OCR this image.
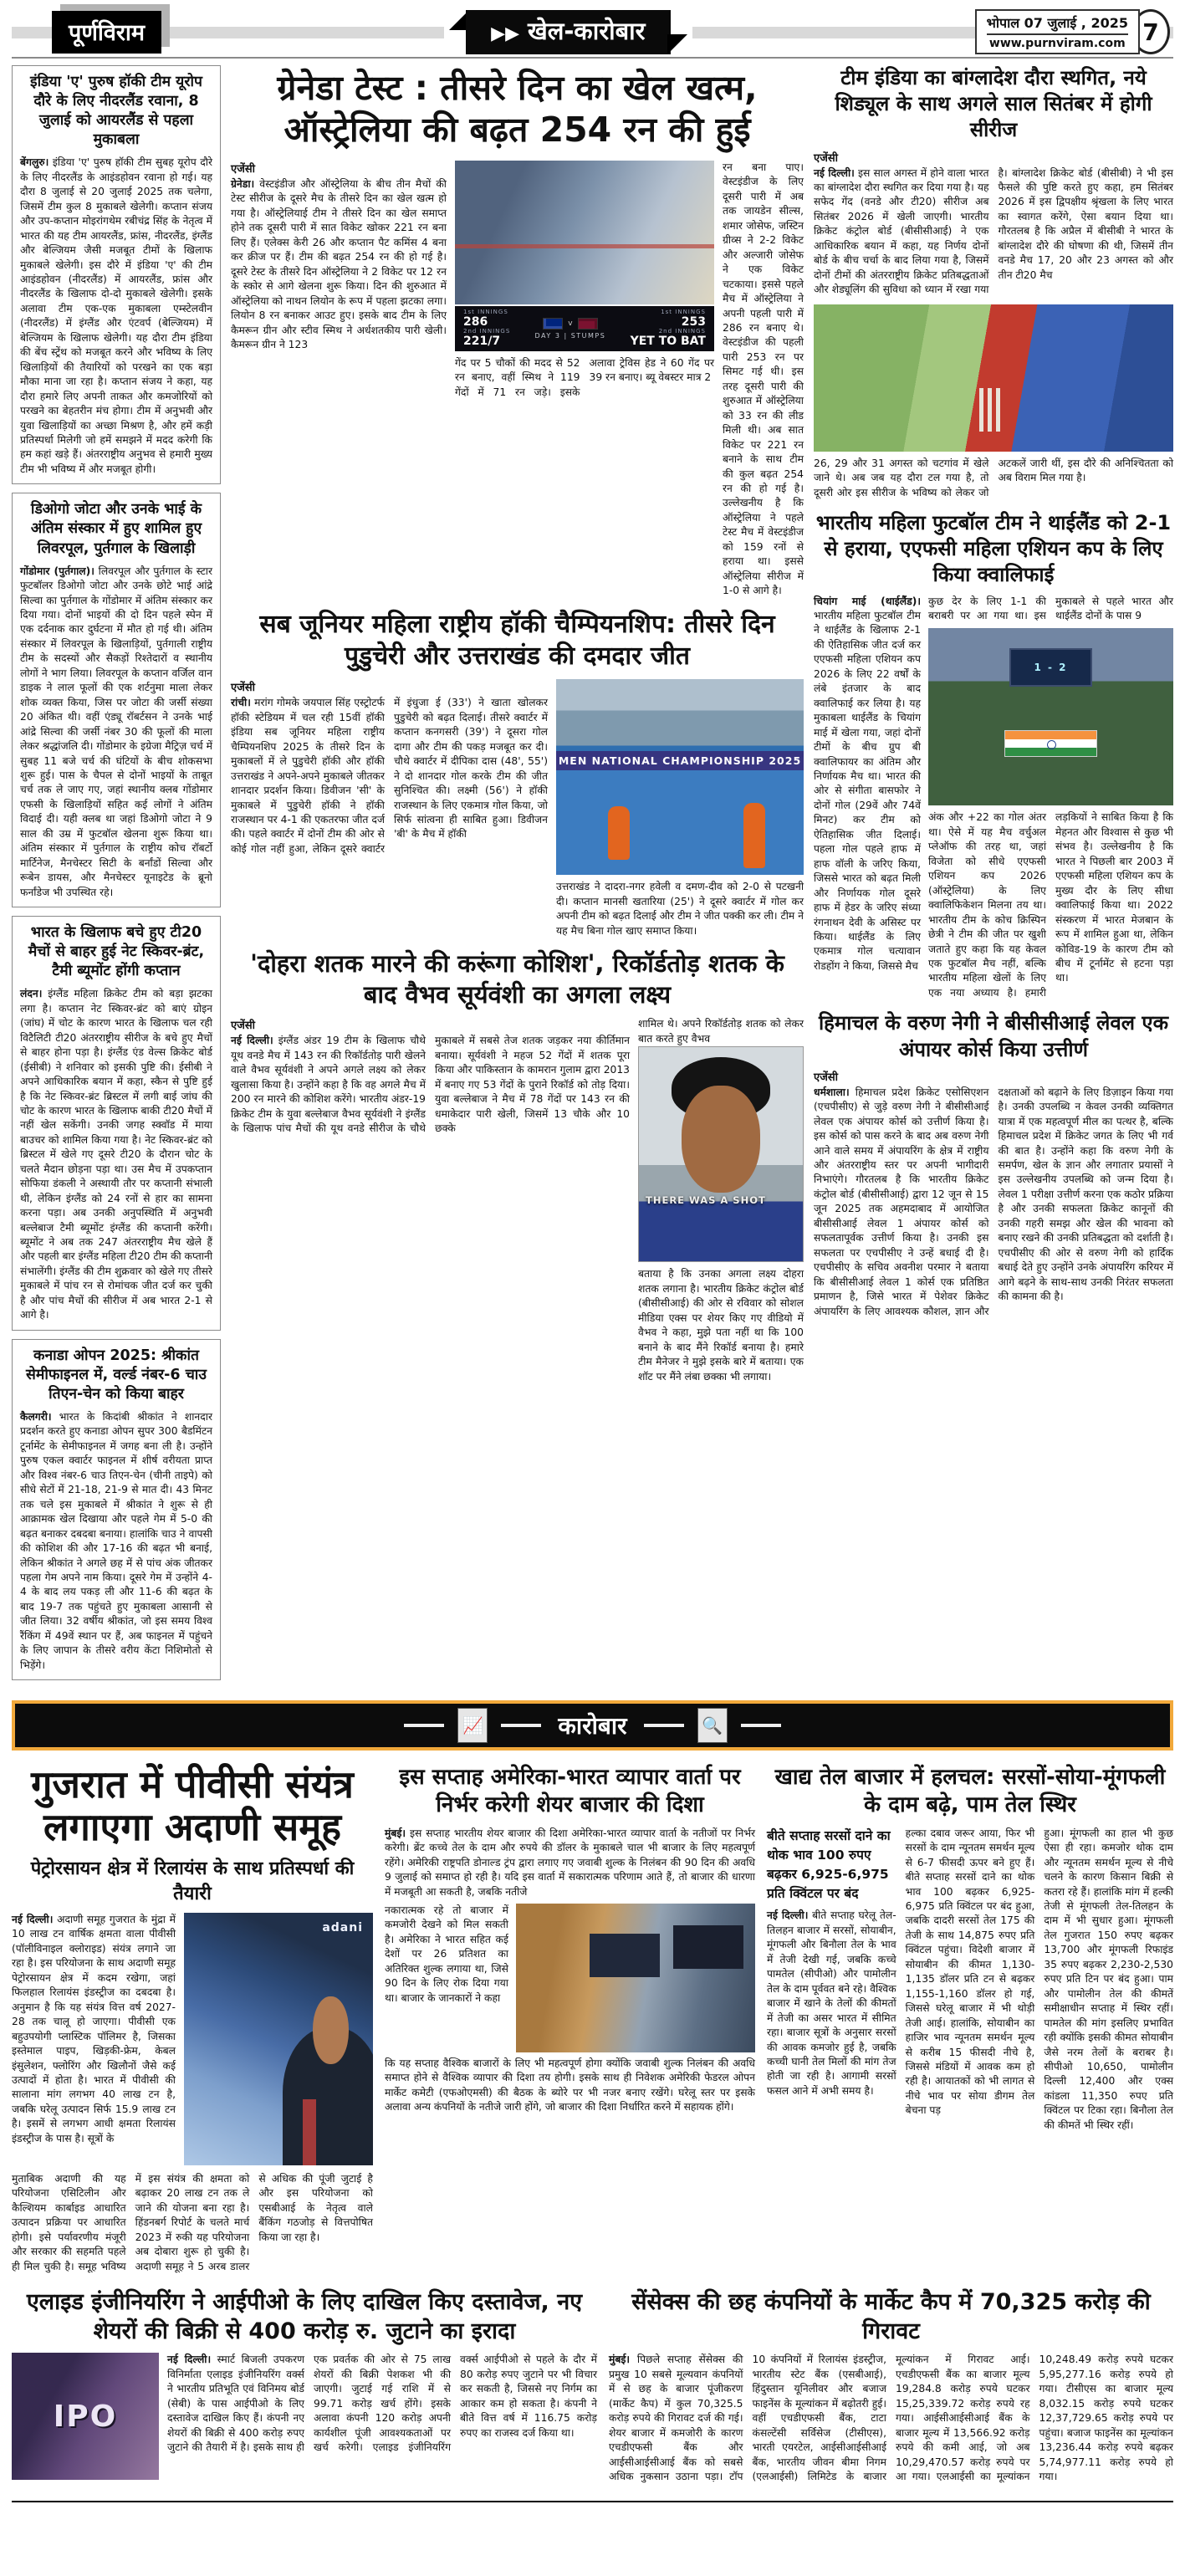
पूर्णविराम	▶▶ खेल-कारोबार	भोपाल 07 जुलाई , 2025
www.purnviram.com 7
इंडिया 'ए' पुरुष हॉकी टीम यूरोप दौरे के लिए नीदरलैंड रवाना, 8 जुलाई को आयरलैंड से पहला मुकाबला

बेंगलुरु। इंडिया 'ए' पुरुष हॉकी टीम सुबह यूरोप दौरे के लिए नीदरलैंड के आइंडहोवन रवाना हो गई। यह दौरा 8 जुलाई से 20 जुलाई 2025 तक चलेगा, जिसमें टीम कुल 8 मुकाबले खेलेगी। कप्तान संजय और उप-कप्तान मोइरांगथेम रबीचंद्र सिंह के नेतृत्व में भारत की यह टीम आयरलैंड, फ्रांस, नीदरलैंड, इंग्लैंड और बेल्जियम जैसी मजबूत टीमों के खिलाफ मुकाबले खेलेगी। इस दौरे में इंडिया 'ए' की टीम आइंडहोवन (नीदरलैंड) में आयरलैंड, फ्रांस और नीदरलैंड के खिलाफ दो-दो मुकाबले खेलेगी। इसके अलावा टीम एक-एक मुकाबला एम्स्टेलवीन (नीदरलैंड) में इंग्लैंड और एंटवर्प (बेल्जियम) में बेल्जियम के खिलाफ खेलेगी। यह दौरा टीम इंडिया की बेंच स्ट्रेंथ को मजबूत करने और भविष्य के लिए खिलाड़ियों की तैयारियों को परखने का एक बड़ा मौका माना जा रहा है। कप्तान संजय ने कहा, यह दौरा हमारे लिए अपनी ताकत और कमजोरियों को परखने का बेहतरीन मंच होगा। टीम में अनुभवी और युवा खिलाड़ियों का अच्छा मिश्रण है, और हमें कड़ी प्रतिस्पर्धा मिलेगी जो हमें समझने में मदद करेगी कि हम कहां खड़े हैं। अंतरराष्ट्रीय अनुभव से हमारी मुख्य टीम भी भविष्य में और मजबूत होगी।

डिओगो जोटा और उनके भाई के अंतिम संस्कार में हुए शामिल हुए लिवरपूल, पुर्तगाल के खिलाड़ी

गोंडोमार (पुर्तगाल)। लिवरपूल और पुर्तगाल के स्टार फुटबॉलर डिओगो जोटा और उनके छोटे भाई आंद्रे सिल्वा का पुर्तगाल के गोंडोमार में अंतिम संस्कार कर दिया गया। दोनों भाइयों की दो दिन पहले स्पेन में एक दर्दनाक कार दुर्घटना में मौत हो गई थी। अंतिम संस्कार में लिवरपूल के खिलाड़ियों, पुर्तगाली राष्ट्रीय टीम के सदस्यों और सैकड़ों रिश्तेदारों व स्थानीय लोगों ने भाग लिया। लिवरपूल के कप्तान वर्जिल वान डाइक ने लाल फूलों की एक शर्टनुमा माला लेकर शोक व्यक्त किया, जिस पर जोटा की जर्सी संख्या 20 अंकित थी। वहीं एंड्यू रॉबर्टसन ने उनके भाई आंद्रे सिल्वा की जर्सी नंबर 30 की फूलों की माला लेकर श्रद्धांजलि दी। गोंडोमार के इग्रेजा मैट्रिज़ चर्च में सुबह 11 बजे चर्च की घंटियों के बीच शोकसभा शुरू हुई। पास के चैपल से दोनों भाइयों के ताबूत चर्च तक ले जाए गए, जहां स्थानीय क्लब गोंडोमार एफसी के खिलाड़ियों सहित कई लोगों ने अंतिम विदाई दी। यही क्लब था जहां डिओगो जोटा ने 9 साल की उम्र में फुटबॉल खेलना शुरू किया था। अंतिम संस्कार में पुर्तगाल के राष्ट्रीय कोच रॉबर्टो मार्टिनेज, मैनचेस्टर सिटी के बर्नांडों सिल्वा और रूबेन डायस, और मैनचेस्टर यूनाइटेड के ब्रूनो फर्नांडेज भी उपस्थित रहे।

भारत के खिलाफ बचे हुए टी20 मैचों से बाहर हुई नेट स्किवर-ब्रंट, टैमी ब्यूमोंट होंगी कप्तान

लंदन। इंग्लैंड महिला क्रिकेट टीम को बड़ा झटका लगा है। कप्तान नेट स्किवर-ब्रंट को बाएं ग्रोइन (जांघ) में चोट के कारण भारत के खिलाफ चल रही विटैलिटी टी20 अंतरराष्ट्रीय सीरीज के बचे हुए मैचों से बाहर होना पड़ा है। इंग्लैंड एंड वेल्स क्रिकेट बोर्ड (ईसीबी) ने शनिवार को इसकी पुष्टि की। ईसीबी ने अपने आधिकारिक बयान में कहा, स्कैन से पुष्टि हुई है कि नेट स्किवर-ब्रंट ब्रिस्टल में लगी बाई जांघ की चोट के कारण भारत के खिलाफ बाकी टी20 मैचों में नहीं खेल सकेंगी। उनकी जगह स्क्वॉड में माया बाउचर को शामिल किया गया है। नेट स्किवर-ब्रंट को ब्रिस्टल में खेले गए दूसरे टी20 के दौरान चोट के चलते मैदान छोड़ना पड़ा था। उस मैच में उपकप्तान सोफिया डंकली ने अस्थायी तौर पर कप्तानी संभाली थी, लेकिन इंग्लैंड को 24 रनों से हार का सामना करना पड़ा। अब उनकी अनुपस्थिति में अनुभवी बल्लेबाज टैमी ब्यूमोंट इंग्लैंड की कप्तानी करेंगी। ब्यूमोंट ने अब तक 247 अंतरराष्ट्रीय मैच खेले हैं और पहली बार इंग्लैंड महिला टी20 टीम की कप्तानी संभालेंगी। इंग्लैंड की टीम शुक्रवार को खेले गए तीसरे मुकाबले में पांच रन से रोमांचक जीत दर्ज कर चुकी है और पांच मैचों की सीरीज में अब भारत 2-1 से आगे है।

कनाडा ओपन 2025: श्रीकांत सेमीफाइनल में, वर्ल्ड नंबर-6 चाउ तिएन-चेन को किया बाहर

कैलगरी। भारत के किदांबी श्रीकांत ने शानदार प्रदर्शन करते हुए कनाडा ओपन सुपर 300 बैडमिंटन टूर्नामेंट के सेमीफाइनल में जगह बना ली है। उन्होंने पुरुष एकल क्वार्टर फाइनल में शीर्ष वरीयता प्राप्त और विश्व नंबर-6 चाउ तिएन-चेन (चीनी ताइपे) को सीधे सेटों में 21-18, 21-9 से मात दी। 43 मिनट तक चले इस मुकाबले में श्रीकांत ने शुरू से ही आक्रामक खेल दिखाया और पहले गेम में 5-0 की बढ़त बनाकर दबदबा बनाया। हालांकि चाउ ने वापसी की कोशिश की और 17-16 की बढ़त भी बनाई, लेकिन श्रीकांत ने अगले छह में से पांच अंक जीतकर पहला गेम अपने नाम किया। दूसरे गेम में उन्होंने 4-4 के बाद लय पकड़ ली और 11-6 की बढ़त के बाद 19-7 तक पहुंचते हुए मुकाबला आसानी से जीत लिया। 32 वर्षीय श्रीकांत, जो इस समय विश्व रैंकिंग में 49वें स्थान पर हैं, अब फाइनल में पहुंचने के लिए जापान के तीसरे वरीय केंटा निशिमोतो से भिड़ेंगे।

ग्रेनेडा टेस्ट : तीसरे दिन का खेल खत्म, ऑस्ट्रेलिया की बढ़त 254 रन की हुई
एजेंसी

ग्रेनेडा। वेस्टइंडीज और ऑस्ट्रेलिया के बीच तीन मैचों की टेस्ट सीरीज के दूसरे मैच के तीसरे दिन का खेल खत्म हो गया है। ऑस्ट्रेलियाई टीम ने तीसरे दिन का खेल समाप्त होने तक दूसरी पारी में सात विकेट खोकर 221 रन बना लिए हैं। एलेक्स केरी 26 और कप्तान पैट कमिंस 4 बना कर क्रीज पर हैं। टीम की बढ़त 254 रन की हो गई है। दूसरे टेस्ट के तीसरे दिन ऑस्ट्रेलिया ने 2 विकेट पर 12 रन के स्कोर से आगे खेलना शुरू किया। दिन की शुरुआत में ऑस्ट्रेलिया को नाथन लियोन के रूप में पहला झटका लगा। लियोन 8 रन बनाकर आउट हुए। इसके बाद टीम के लिए कैमरून ग्रीन और स्टीव स्मिथ ने अर्धशतकीय पारी खेली। कैमरून ग्रीन ने 123

1st INNINGS
286
2nd INNINGS
221/7
v
DAY 3 | STUMPS
1st INNINGS
253
2nd INNINGS
YET TO BAT

गेंद पर 5 चौकों की मदद से 52 रन बनाए, वहीं स्मिथ ने 119 गेंदों में 71 रन जड़े। इसके अलावा ट्रेविस हेड ने 60 गेंद पर 39 रन बनाए। ब्यू वेबस्टर मात्र 2

रन बना पाए। वेस्टइंडीज के लिए दूसरी पारी में अब तक जायडेन सील्स, शमार जोसेफ, जस्टिन ग्रीव्स ने 2-2 विकेट और अल्जारी जोसेफ ने एक विकेट चटकाया। इससे पहले मैच में ऑस्ट्रेलिया ने अपनी पहली पारी में 286 रन बनाए थे। वेस्टइंडीज की पहली पारी 253 रन पर सिमट गई थी। इस तरह दूसरी पारी की शुरुआत में ऑस्ट्रेलिया को 33 रन की लीड मिली थी। अब सात विकेट पर 221 रन बनाने के साथ टीम की कुल बढ़त 254 रन की हो गई है। उल्लेखनीय है कि ऑस्ट्रेलिया ने पहले टेस्ट मैच में वेस्टइंडीज को 159 रनों से हराया था। इससे ऑस्ट्रेलिया सीरीज में 1-0 से आगे है।

सब जूनियर महिला राष्ट्रीय हॉकी चैम्पियनशिप: तीसरे दिन पुडुचेरी और उत्तराखंड की दमदार जीत
एजेंसी

रांची। मरांग गोमके जयपाल सिंह एस्ट्रोटर्फ हॉकी स्टेडियम में चल रही 15वीं हॉकी इंडिया सब जूनियर महिला राष्ट्रीय चैम्पियनशिप 2025 के तीसरे दिन के मुकाबलों में ले पुडुचेरी हॉकी और हॉकी उत्तराखंड ने अपने-अपने मुकाबले जीतकर शानदार प्रदर्शन किया। डिवीजन 'सी' के मुकाबले में पुडुचेरी हॉकी ने हॉकी राजस्थान पर 4-1 की एकतरफा जीत दर्ज की। पहले क्वार्टर में दोनों टीम की ओर से कोई गोल नहीं हुआ, लेकिन दूसरे क्वार्टर में इंधुजा ई (33') ने खाता खोलकर पुडुचेरी को बढ़त दिलाई। तीसरे क्वार्टर में कप्तान कनगसरी (39') ने दूसरा गोल दागा और टीम की पकड़ मजबूत कर दी। चौथे क्वार्टर में दीपिका दास (48', 55') ने दो शानदार गोल करके टीम की जीत सुनिश्चित की। लक्ष्मी (56') ने हॉकी राजस्थान के लिए एकमात्र गोल किया, जो सिर्फ सांत्वना ही साबित हुआ। डिवीजन 'बी' के मैच में हॉकी

MEN NATIONAL CHAMPIONSHIP 2025

उत्तराखंड ने दादरा-नगर हवेली व दमण-दीव को 2-0 से पटखनी दी। कप्तान मानसी खतारिया (25') ने दूसरे क्वार्टर में गोल कर अपनी टीम को बढ़त दिलाई और टीम ने जीत पक्की कर ली। टीम ने यह मैच बिना गोल खाए समाप्त किया।

'दोहरा शतक मारने की करूंगा कोशिश', रिकॉर्डतोड़ शतक के बाद वैभव सूर्यवंशी का अगला लक्ष्य
एजेंसी

नई दिल्ली। इंग्लैंड अंडर 19 टीम के खिलाफ चौथे यूथ वनडे मैच में 143 रन की रिकॉर्डतोड़ पारी खेलने वाले वैभव सूर्यवंशी ने अपने अगले लक्ष्य को लेकर खुलासा किया है। उन्होंने कहा है कि वह अगले मैच में 200 रन मारने की कोशिश करेंगे। भारतीय अंडर-19 क्रिकेट टीम के युवा बल्लेबाज वैभव सूर्यवंशी ने इंग्लैंड के खिलाफ पांच मैचों की यूथ वनडे सीरीज के चौथे मुकाबले में सबसे तेज शतक जड़कर नया कीर्तिमान बनाया। सूर्यवंशी ने महज 52 गेंदों में शतक पूरा किया और पाकिस्तान के कामरान गुलाम द्वारा 2013 में बनाए गए 53 गेंदों के पुराने रिकॉर्ड को तोड़ दिया। युवा बल्लेबाज ने मैच में 78 गेंदों पर 143 रन की धमाकेदार पारी खेली, जिसमें 13 चौके और 10 छक्के

शामिल थे। अपने रिकॉर्डतोड़ शतक को लेकर बात करते हुए वैभव

THERE WAS A SHOT

बताया है कि उनका अगला लक्ष्य दोहरा शतक लगाना है। भारतीय क्रिकेट कंट्रोल बोर्ड (बीसीसीआई) की ओर से रविवार को सोशल मीडिया एक्स पर शेयर किए गए वीडियो में वैभव ने कहा, मुझे पता नहीं था कि 100 बनाने के बाद मैंने रिकॉर्ड बनाया है। हमारे टीम मैनेजर ने मुझे इसके बारे में बताया। एक शॉट पर मैंने लंबा छक्का भी लगाया।

टीम इंडिया का बांग्लादेश दौरा स्थगित, नये शिड्यूल के साथ अगले साल सितंबर में होगी सीरीज
एजेंसी

नई दिल्ली। इस साल अगस्त में होने वाला भारत का बांग्लादेश दौरा स्थगित कर दिया गया है। यह सफेद गेंद (वनडे और टी20) सीरीज अब सितंबर 2026 में खेली जाएगी। भारतीय क्रिकेट कंट्रोल बोर्ड (बीसीसीआई) ने एक आधिकारिक बयान में कहा, यह निर्णय दोनों बोर्ड के बीच चर्चा के बाद लिया गया है, जिसमें दोनों टीमों की अंतरराष्ट्रीय क्रिकेट प्रतिबद्धताओं और शेड्यूलिंग की सुविधा को ध्यान में रखा गया है। बांग्लादेश क्रिकेट बोर्ड (बीसीबी) ने भी इस फैसले की पुष्टि करते हुए कहा, हम सितंबर 2026 में इस द्विपक्षीय श्रृंखला के लिए भारत का स्वागत करेंगे, ऐसा बयान दिया था। गौरतलब है कि अप्रैल में बीसीबी ने भारत के बांग्लादेश दौरे की घोषणा की थी, जिसमें तीन वनडे मैच 17, 20 और 23 अगस्त को और तीन टी20 मैच

26, 29 और 31 अगस्त को चटगांव में खेले जाने थे। अब जब यह दौरा टल गया है, तो दूसरी ओर इस सीरीज के भविष्य को लेकर जो अटकलें जारी थीं, इस दौरे की अनिश्चितता को अब विराम मिल गया है।

भारतीय महिला फुटबॉल टीम ने थाईलैंड को 2-1 से हराया, एएफसी महिला एशियन कप के लिए किया क्वालिफाई

चियांग माई (थाईलैंड)। भारतीय महिला फुटबॉल टीम ने थाईलैंड के खिलाफ 2-1 की ऐतिहासिक जीत दर्ज कर एएफसी महिला एशियन कप 2026 के लिए 22 वर्षों के लंबे इंतजार के बाद क्वालिफाई कर लिया है। यह मुकाबला थाईलैंड के चियांग माई में खेला गया, जहां दोनों टीमों के बीच ग्रुप बी क्वालिफायर का अंतिम और निर्णायक मैच था। भारत की ओर से संगीता बासफोर ने दोनों गोल (29वें और 74वें मिनट) कर टीम को ऐतिहासिक जीत दिलाई। पहला गोल पहले हाफ में हाफ वॉली के जरिए किया, जिससे भारत को बढ़त मिली और निर्णायक गोल दूसरे हाफ में हेडर के जरिए संध्या रंगनाथन देवी के असिस्ट पर किया। थाईलैंड के लिए एकमात्र गोल चत्यावान रोडहोंग ने किया, जिससे मैच

कुछ देर के लिए 1-1 की बराबरी पर आ गया था। इस मुकाबले से पहले भारत और थाईलैंड दोनों के पास 9

1 - 2

अंक और +22 का गोल अंतर था। ऐसे में यह मैच वर्चुअल प्लेऑफ की तरह था, जहां विजेता को सीधे एएफसी एशियन कप 2026 (ऑस्ट्रेलिया) के लिए क्वालिफिकेशन मिलना तय था। भारतीय टीम के कोच क्रिस्पिन छेत्री ने टीम की जीत पर खुशी जताते हुए कहा कि यह केवल एक फुटबॉल मैच नहीं, बल्कि भारतीय महिला खेलों के लिए एक नया अध्याय है। हमारी लड़कियों ने साबित किया है कि मेहनत और विश्वास से कुछ भी संभव है। उल्लेखनीय है कि भारत ने पिछली बार 2003 में एएफसी महिला एशियन कप के मुख्य दौर के लिए सीधा क्वालिफाई किया था। 2022 संस्करण में भारत मेजबान के रूप में शामिल हुआ था, लेकिन कोविड-19 के कारण टीम को बीच में टूर्नामेंट से हटना पड़ा था।

हिमाचल के वरुण नेगी ने बीसीसीआई लेवल एक अंपायर कोर्स किया उत्तीर्ण
एजेंसी

धर्मशाला। हिमाचल प्रदेश क्रिकेट एसोसिएशन (एचपीसीए) से जुड़े वरुण नेगी ने बीसीसीआई लेवल एक अंपायर कोर्स को उत्तीर्ण किया है। इस कोर्स को पास करने के बाद अब वरुण नेगी आने वाले समय में अंपायरिंग के क्षेत्र में राष्ट्रीय और अंतरराष्ट्रीय स्तर पर अपनी भागीदारी निभाएंगे। गौरतलब है कि भारतीय क्रिकेट कंट्रोल बोर्ड (बीसीसीआई) द्वारा 12 जून से 15 जून 2025 तक अहमदाबाद में आयोजित बीसीसीआई लेवल 1 अंपायर कोर्स को सफलतापूर्वक उत्तीर्ण किया है। उनकी इस सफलता पर एचपीसीए ने उन्हें बधाई दी है। एचपीसीए के सचिव अवनीश परमार ने बताया कि बीसीसीआई लेवल 1 कोर्स एक प्रतिष्ठित प्रमाणन है, जिसे भारत में पेशेवर क्रिकेट अंपायरिंग के लिए आवश्यक कौशल, ज्ञान और दक्षताओं को बढ़ाने के लिए डिज़ाइन किया गया है। उनकी उपलब्धि न केवल उनकी व्यक्तिगत यात्रा में एक महत्वपूर्ण मील का पत्थर है, बल्कि हिमाचल प्रदेश में क्रिकेट जगत के लिए भी गर्व की बात है। उन्होंने कहा कि वरुण नेगी के समर्पण, खेल के ज्ञान और लगातार प्रयासों ने इस उल्लेखनीय उपलब्धि को जन्म दिया है। लेवल 1 परीक्षा उत्तीर्ण करना एक कठोर प्रक्रिया है और उनकी सफलता क्रिकेट कानूनों की उनकी गहरी समझ और खेल की भावना को बनाए रखने की उनकी प्रतिबद्धता को दर्शाती है। एचपीसीए की ओर से वरुण नेगी को हार्दिक बधाई देते हुए उन्होंने उनके अंपायरिंग करियर में आगे बढ़ने के साथ-साथ उनकी निरंतर सफलता की कामना की है।

📈	कारोबार	🔍
गुजरात में पीवीसी संयंत्र लगाएगा अदाणी समूह
पेट्रोरसायन क्षेत्र में रिलायंस के साथ प्रतिस्पर्धा की तैयारी

नई दिल्ली। अदाणी समूह गुजरात के मुंद्रा में 10 लाख टन वार्षिक क्षमता वाला पीवीसी (पॉलीविनाइल क्लोराइड) संयंत्र लगाने जा रहा है। इस परियोजना के साथ अदाणी समूह पेट्रोरसायन क्षेत्र में कदम रखेगा, जहां फिलहाल रिलायंस इंडस्ट्रीज का दबदबा है। अनुमान है कि यह संयंत्र वित्त वर्ष 2027-28 तक चालू हो जाएगा। पीवीसी एक बहुउपयोगी प्लास्टिक पॉलिमर है, जिसका इस्तेमाल पाइप, खिड़की-फ्रेम, केबल इंसुलेशन, फ्लोरिंग और खिलौनों जैसे कई उत्पादों में होता है। भारत में पीवीसी की सालाना मांग लगभग 40 लाख टन है, जबकि घरेलू उत्पादन सिर्फ 15.9 लाख टन है। इसमें से लगभग आधी क्षमता रिलायंस इंडस्ट्रीज के पास है। सूत्रों के

adani

मुताबिक अदाणी की यह परियोजना एसिटिलीन और कैल्शियम कार्बाइड आधारित उत्पादन प्रक्रिया पर आधारित होगी। इसे पर्यावरणीय मंजूरी और सरकार की सहमति पहले ही मिल चुकी है। समूह भविष्य में इस संयंत्र की क्षमता को बढ़ाकर 20 लाख टन तक ले जाने की योजना बना रहा है। हिंडनबर्ग रिपोर्ट के चलते मार्च 2023 में रुकी यह परियोजना अब दोबारा शुरू हो चुकी है। अदाणी समूह ने 5 अरब डालर से अधिक की पूंजी जुटाई है और इस परियोजना को एसबीआई के नेतृत्व वाले बैंकिंग गठजोड़ से वित्तपोषित किया जा रहा है।

इस सप्ताह अमेरिका-भारत व्यापार वार्ता पर निर्भर करेगी शेयर बाजार की दिशा

मुंबई। इस सप्ताह भारतीय शेयर बाजार की दिशा अमेरिका-भारत व्यापार वार्ता के नतीजों पर निर्भर करेगी। ब्रेंट कच्चे तेल के दाम और रुपये की डॉलर के मुकाबले चाल भी बाजार के लिए महत्वपूर्ण रहेंगे। अमेरिकी राष्ट्रपति डोनाल्ड ट्रंप द्वारा लगाए गए जवाबी शुल्क के निलंबन की 90 दिन की अवधि 9 जुलाई को समाप्त हो रही है। यदि इस वार्ता में सकारात्मक परिणाम आते हैं, तो बाजार की धारणा में मजबूती आ सकती है, जबकि नतीजे

नकारात्मक रहे तो बाजार में कमजोरी देखने को मिल सकती है। अमेरिका ने भारत सहित कई देशों पर 26 प्रतिशत का अतिरिक्त शुल्क लगाया था, जिसे 90 दिन के लिए रोक दिया गया था। बाजार के जानकारों ने कहा

कि यह सप्ताह वैश्विक बाजारों के लिए भी महत्वपूर्ण होगा क्योंकि जवाबी शुल्क निलंबन की अवधि समाप्त होने से वैश्विक व्यापार की दिशा तय होगी। इसके साथ ही निवेशक अमेरिकी फेडरल ओपन मार्केट कमेटी (एफओएमसी) की बैठक के ब्योरे पर भी नजर बनाए रखेंगे। घरेलू स्तर पर इसके अलावा अन्य कंपनियों के नतीजे जारी होंगे, जो बाजार की दिशा निर्धारित करने में सहायक होंगे।

खाद्य तेल बाजार में हलचल: सरसों-सोया-मूंगफली के दाम बढ़े, पाम तेल स्थिर

बीते सप्ताह सरसों दाने का थोक भाव 100 रुपए बढ़कर 6,925-6,975 प्रति क्विंटल पर बंद

नई दिल्ली। बीते सप्ताह घरेलू तेल-तिलहन बाजार में सरसों, सोयाबीन, मूंगफली और बिनौला तेल के भाव में तेजी देखी गई, जबकि कच्चे पामतेल (सीपीओ) और पामोलीन तेल के दाम पूर्ववत बने रहे। वैश्विक बाजार में खाने के तेलों की कीमतों में तेजी का असर भारत में सीमित रहा। बाजार सूत्रों के अनुसार सरसों की आवक कमजोर हुई है, जबकि कच्ची घानी तेल मिलों की मांग तेज होती जा रही है। आगामी सरसों फसल आने में अभी समय है।

हल्का दबाव जरूर आया, फिर भी सरसों के दाम न्यूनतम समर्थन मूल्य से 6-7 फीसदी ऊपर बने हुए हैं। बीते सप्ताह सरसों दाने का थोक भाव 100 बढ़कर 6,925-6,975 प्रति क्विंटल पर बंद हुआ, जबकि दादरी सरसों तेल 175 की तेजी के साथ 14,875 रुपए प्रति क्विंटल पहुंचा। विदेशी बाजार में सोयाबीन की कीमत 1,130-1,135 डॉलर प्रति टन से बढ़कर 1,155-1,160 डॉलर हो गई, जिससे घरेलू बाजार में भी थोड़ी तेजी आई। हालांकि, सोयाबीन का हाजिर भाव न्यूनतम समर्थन मूल्य से करीब 15 फीसदी नीचे है, जिससे मंडियों में आवक कम हो रही है। आयातकों को भी लागत से नीचे भाव पर सोया डीगम तेल बेचना पड़

हुआ। मूंगफली का हाल भी कुछ ऐसा ही रहा। कमजोर थोक दाम और न्यूनतम समर्थन मूल्य से नीचे चलने के कारण किसान बिक्री से कतरा रहे हैं। हालांकि मांग में हल्की तेजी से मूंगफली तेल-तिलहन के दाम में भी सुधार हुआ। मूंगफली तेल गुजरात 150 रुपए बढ़कर 13,700 और मूंगफली रिफाइंड 35 रुपए बढ़कर 2,230-2,530 रुपए प्रति टिन पर बंद हुआ। पाम और पामोलीन तेल की कीमतें समीक्षाधीन सप्ताह में स्थिर रहीं। पामतेल की मांग इसलिए प्रभावित रही क्योंकि इसकी कीमत सोयाबीन जैसे नरम तेलों के बराबर है। सीपीओ 10,650, पामोलीन दिल्ली 12,400 और एक्स कांडला 11,350 रुपए प्रति क्विंटल पर टिका रहा। बिनौला तेल की कीमतें भी स्थिर रहीं।

एलाइड इंजीनियरिंग ने आईपीओ के लिए दाखिल किए दस्तावेज, नए शेयरों की बिक्री से 400 करोड़ रु. जुटाने का इरादा
IPO

नई दिल्ली। स्मार्ट बिजली उपकरण विनिर्माता एलाइड इंजीनियरिंग वर्क्स ने भारतीय प्रतिभूति एवं विनिमय बोर्ड (सेबी) के पास आईपीओ के लिए दस्तावेज दाखिल किए हैं। कंपनी नए शेयरों की बिक्री से 400 करोड़ रुपए जुटाने की तैयारी में है। इसके साथ ही एक प्रवर्तक की ओर से 75 लाख शेयरों की बिक्री पेशकश भी की जाएगी। जुटाई गई राशि में से 99.71 करोड़ खर्च होंगे। इसके अलावा कंपनी 120 करोड़ अपनी कार्यशील पूंजी आवश्यकताओं पर खर्च करेगी। एलाइड इंजीनियरिंग वर्क्स आईपीओ से पहले के दौर में 80 करोड़ रुपए जुटाने पर भी विचार कर सकती है, जिससे नए निर्गम का आकार कम हो सकता है। कंपनी ने बीते वित्त वर्ष में 116.75 करोड़ रुपए का राजस्व दर्ज किया था।

सेंसेक्स की छह कंपनियों के मार्केट कैप में 70,325 करोड़ की गिरावट

मुंबई। पिछले सप्ताह सेंसेक्स की प्रमुख 10 सबसे मूल्यवान कंपनियों में से छह के बाजार पूंजीकरण (मार्केट कैप) में कुल 70,325.5 करोड़ रुपये की गिरावट दर्ज की गई। शेयर बाजार में कमजोरी के कारण एचडीएफसी बैंक और आईसीआईसीआई बैंक को सबसे अधिक नुकसान उठाना पड़ा। टॉप 10 कंपनियों में रिलायंस इंडस्ट्रीज, भारतीय स्टेट बैंक (एसबीआई), हिंदुस्तान यूनिलीवर और बजाज फाइनेंस के मूल्यांकन में बढ़ोतरी हुई। वहीं एचडीएफसी बैंक, टाटा कंसल्टेंसी सर्विसेज (टीसीएस), भारती एयरटेल, आईसीआईसीआई बैंक, भारतीय जीवन बीमा निगम (एलआईसी) लिमिटेड के बाजार मूल्यांकन में गिरावट आई। एचडीएफसी बैंक का बाजार मूल्य 19,284.8 करोड़ रुपये घटकर 15,25,339.72 करोड़ रुपये रह गया। आईसीआईसीआई बैंक के बाजार मूल्य में 13,566.92 करोड़ रुपये की कमी आई, जो अब 10,29,470.57 करोड़ रुपये पर आ गया। एलआईसी का मूल्यांकन 10,248.49 करोड़ रुपये घटकर 5,95,277.16 करोड़ रुपये हो गया। टीसीएस का बाजार मूल्य 8,032.15 करोड़ रुपये घटकर 12,37,729.65 करोड़ रुपये पर पहुंचा। बजाज फाइनेंस का मूल्यांकन 13,236.44 करोड़ रुपये बढ़कर 5,74,977.11 करोड़ रुपये हो गया।
